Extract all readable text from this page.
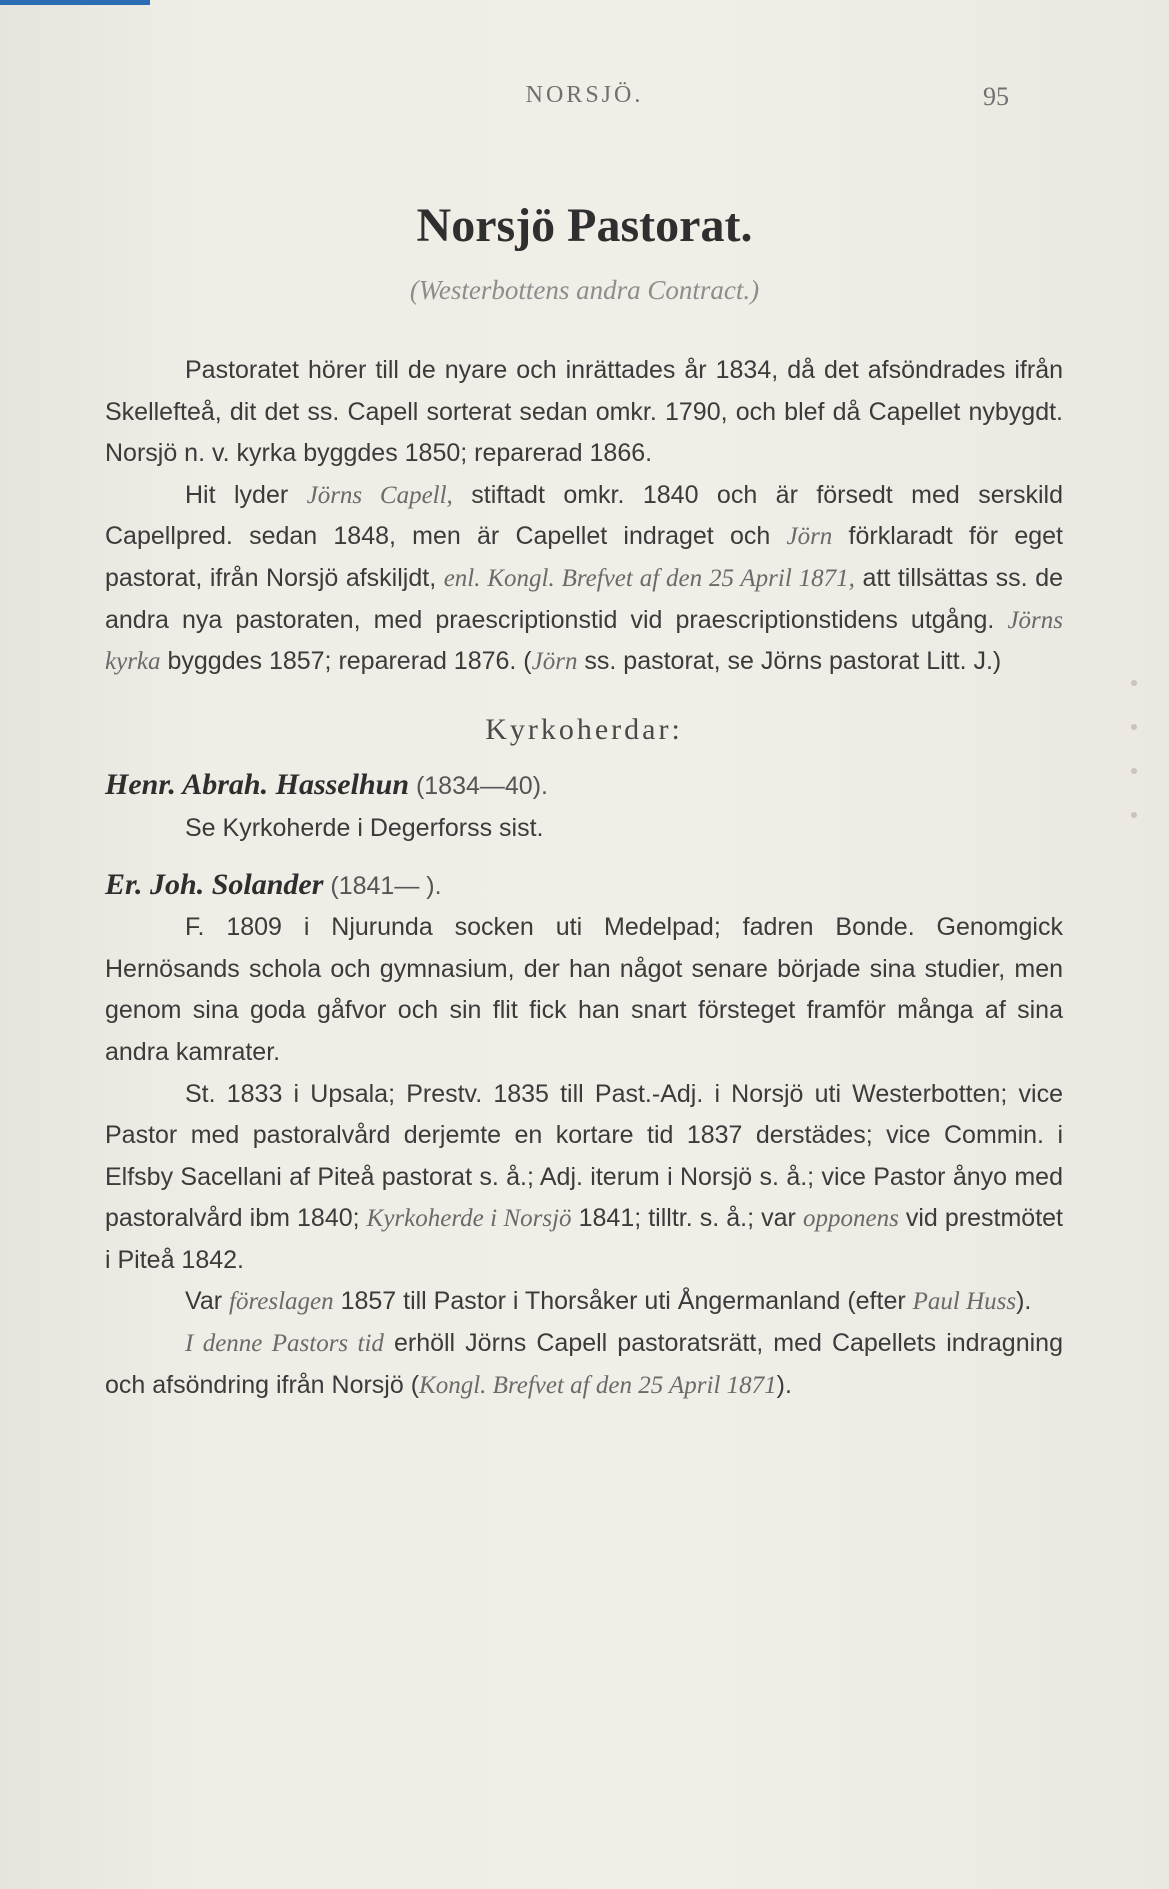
NORSJÖ.	95
Norsjö Pastorat.
(Westerbottens andra Contract.)

Pastoratet hörer till de nyare och inrättades år 1834, då det afsöndrades ifrån Skellefteå, dit det ss. Capell sorterat sedan omkr. 1790, och blef då Capellet nybygdt. Norsjö n. v. kyrka byggdes 1850; reparerad 1866.

Hit lyder Jörns Capell, stiftadt omkr. 1840 och är försedt med serskild Capellpred. sedan 1848, men är Capellet indraget och Jörn förklaradt för eget pastorat, ifrån Norsjö afskiljdt, enl. Kongl. Brefvet af den 25 April 1871, att tillsättas ss. de andra nya pastoraten, med praescriptionstid vid praescriptionstidens utgång. Jörns kyrka byggdes 1857; reparerad 1876. (Jörn ss. pastorat, se Jörns pastorat Litt. J.)

Kyrkoherdar:

Henr. Abrah. Hasselhun (1834—40).

Se Kyrkoherde i Degerforss sist.

Er. Joh. Solander (1841— ).

F. 1809 i Njurunda socken uti Medelpad; fadren Bonde. Genomgick Hernösands schola och gymnasium, der han något senare började sina studier, men genom sina goda gåfvor och sin flit fick han snart försteget framför många af sina andra kamrater.

St. 1833 i Upsala; Prestv. 1835 till Past.-Adj. i Norsjö uti Westerbotten; vice Pastor med pastoralvård derjemte en kortare tid 1837 derstädes; vice Commin. i Elfsby Sacellani af Piteå pastorat s. å.; Adj. iterum i Norsjö s. å.; vice Pastor ånyo med pastoralvård ibm 1840; Kyrkoherde i Norsjö 1841; tilltr. s. å.; var opponens vid prestmötet i Piteå 1842.

Var föreslagen 1857 till Pastor i Thorsåker uti Ångermanland (efter Paul Huss).

I denne Pastors tid erhöll Jörns Capell pastoratsrätt, med Capellets indragning och afsöndring ifrån Norsjö (Kongl. Brefvet af den 25 April 1871).
